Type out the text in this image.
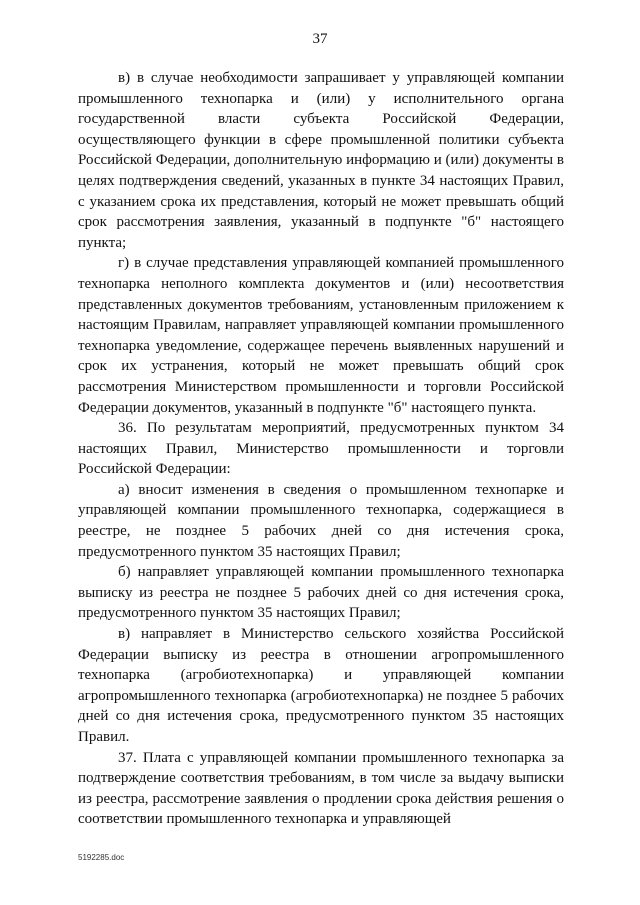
37

в) в случае необходимости запрашивает у управляющей компании промышленного технопарка и (или) у исполнительного органа государственной власти субъекта Российской Федерации, осуществляющего функции в сфере промышленной политики субъекта Российской Федерации, дополнительную информацию и (или) документы в целях подтверждения сведений, указанных в пункте 34 настоящих Правил, с указанием срока их представления, который не может превышать общий срок рассмотрения заявления, указанный в подпункте "б" настоящего пункта;

г) в случае представления управляющей компанией промышленного технопарка неполного комплекта документов и (или) несоответствия представленных документов требованиям, установленным приложением к настоящим Правилам, направляет управляющей компании промышленного технопарка уведомление, содержащее перечень выявленных нарушений и срок их устранения, который не может превышать общий срок рассмотрения Министерством промышленности и торговли Российской Федерации документов, указанный в подпункте "б" настоящего пункта.

36. По результатам мероприятий, предусмотренных пунктом 34 настоящих Правил, Министерство промышленности и торговли Российской Федерации:

а) вносит изменения в сведения о промышленном технопарке и управляющей компании промышленного технопарка, содержащиеся в реестре, не позднее 5 рабочих дней со дня истечения срока, предусмотренного пунктом 35 настоящих Правил;

б) направляет управляющей компании промышленного технопарка выписку из реестра не позднее 5 рабочих дней со дня истечения срока, предусмотренного пунктом 35 настоящих Правил;

в) направляет в Министерство сельского хозяйства Российской Федерации выписку из реестра в отношении агропромышленного технопарка (агробиотехнопарка) и управляющей компании агропромышленного технопарка (агробиотехнопарка) не позднее 5 рабочих дней со дня истечения срока, предусмотренного пунктом 35 настоящих Правил.

37. Плата с управляющей компании промышленного технопарка за подтверждение соответствия требованиям, в том числе за выдачу выписки из реестра, рассмотрение заявления о продлении срока действия решения о соответствии промышленного технопарка и управляющей

5192285.doc
